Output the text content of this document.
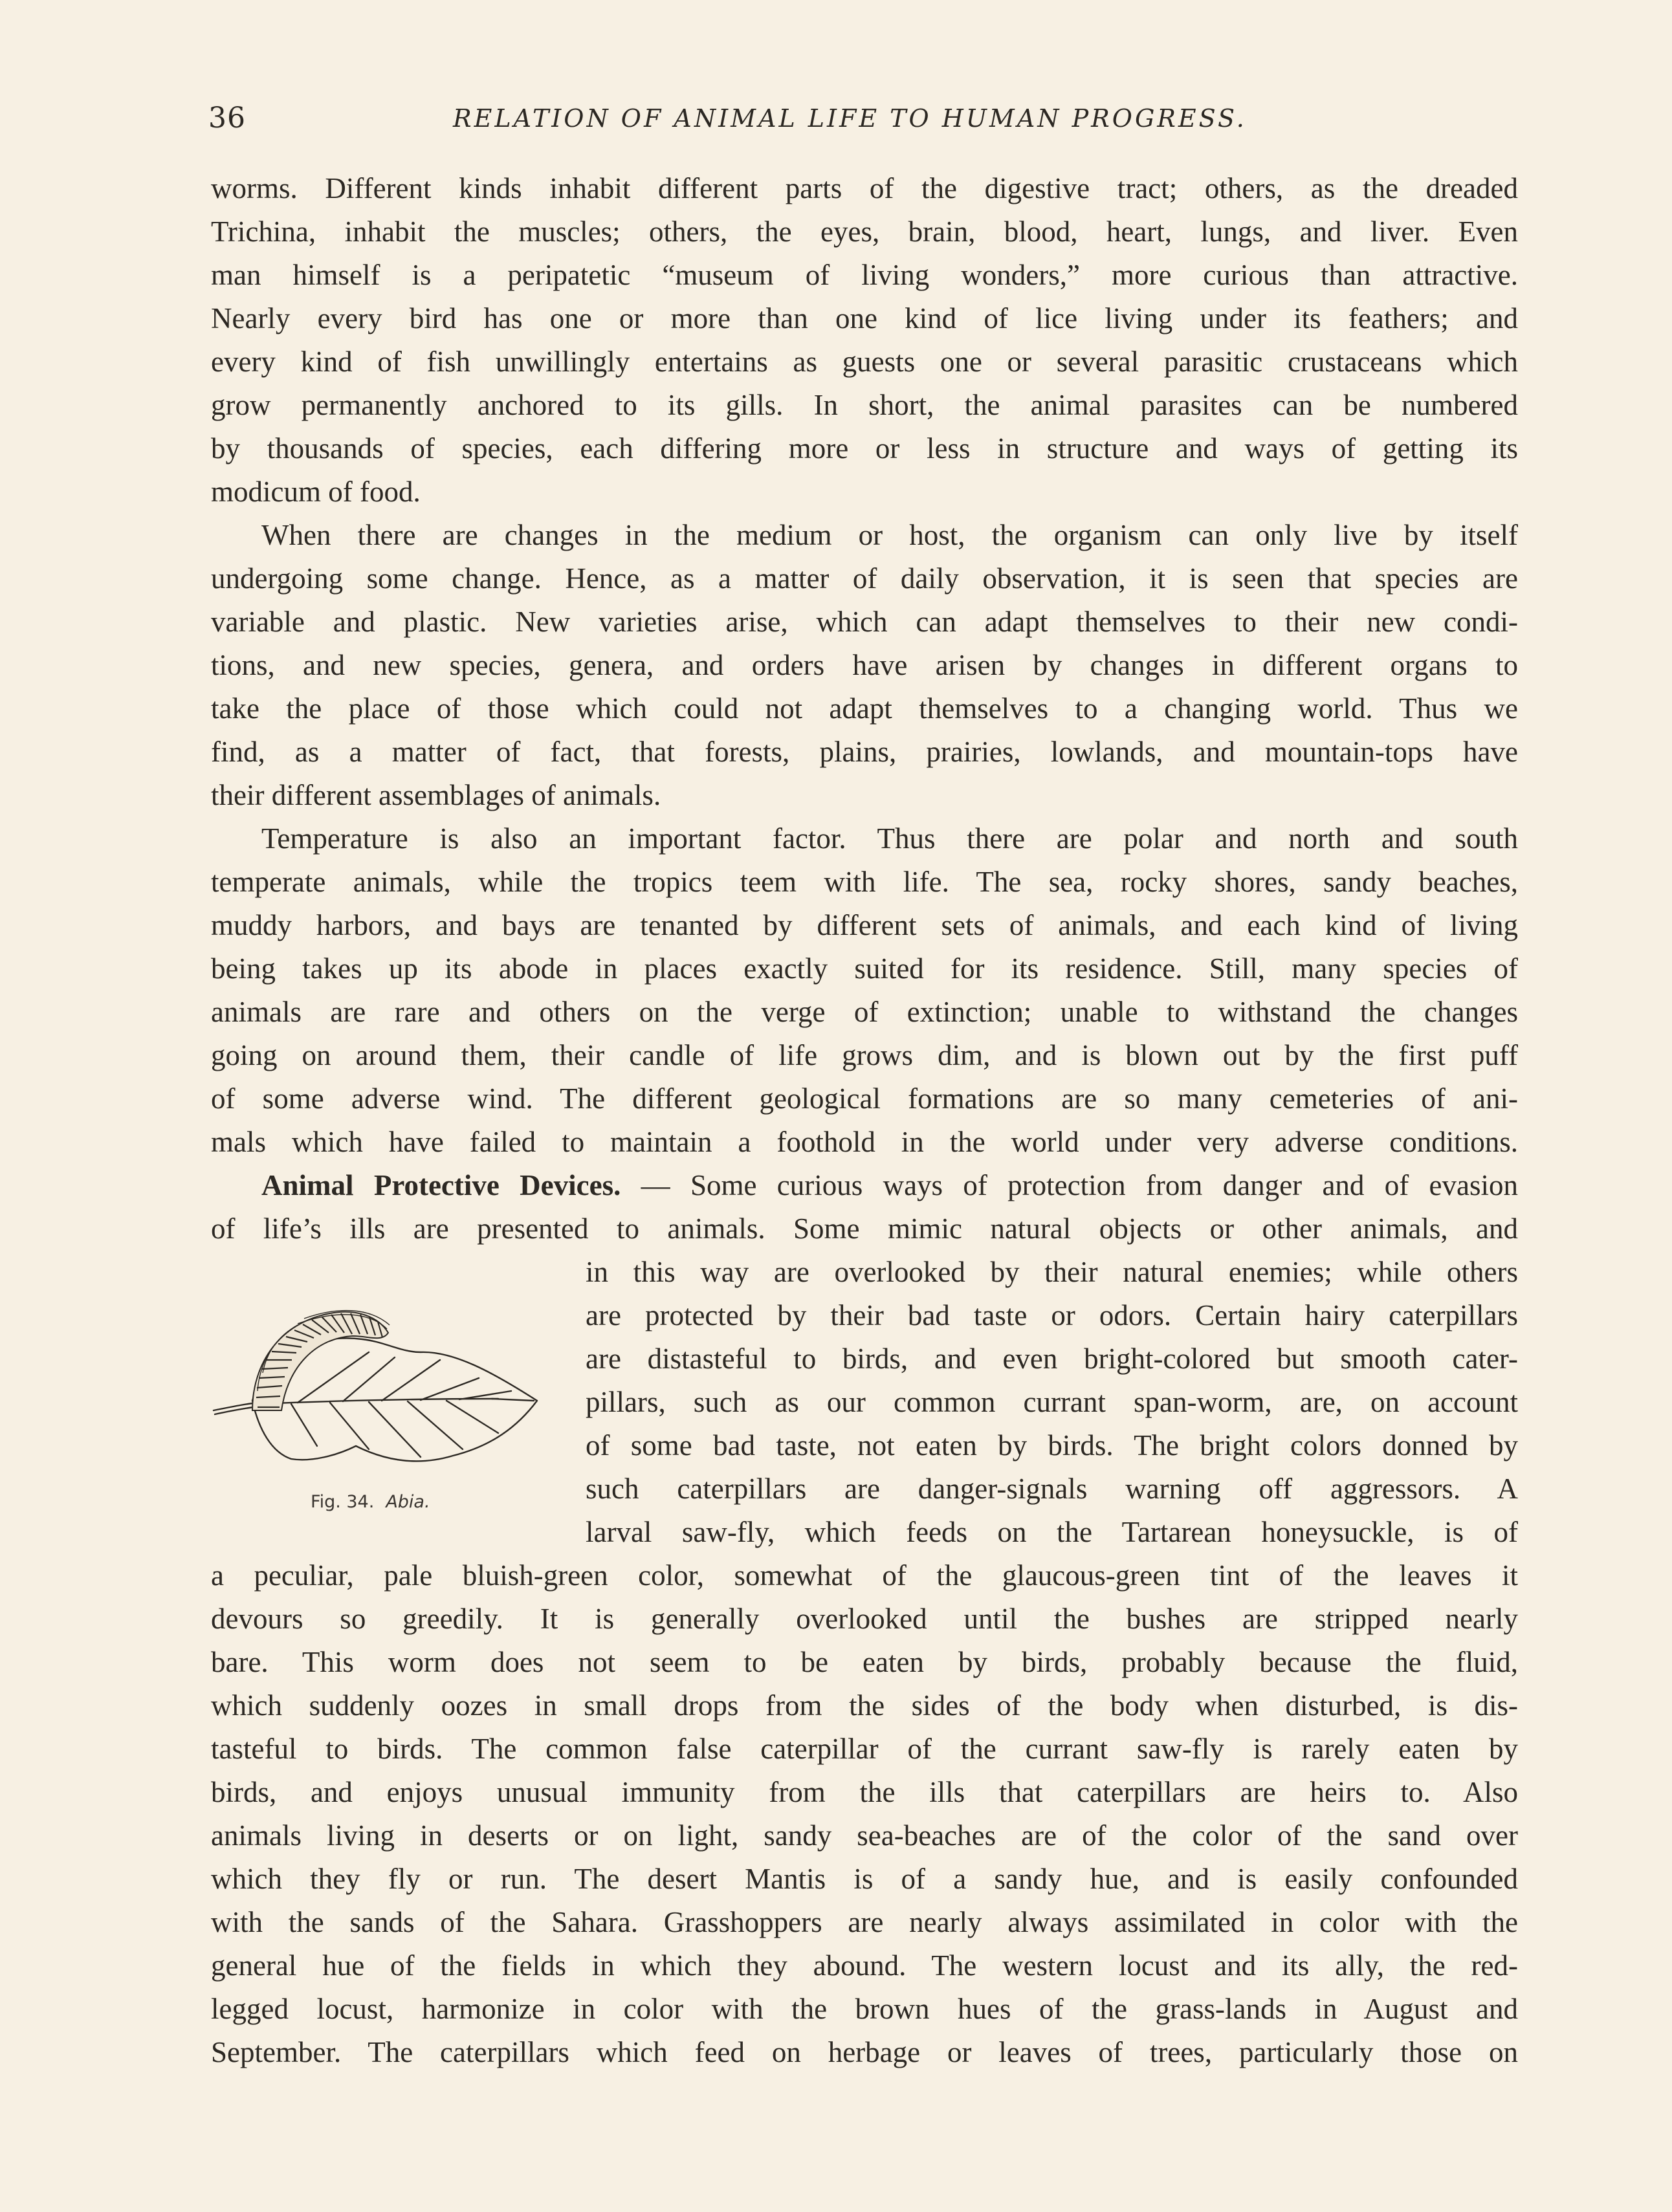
36	RELATION OF ANIMAL LIFE TO HUMAN PROGRESS.
worms. Different kinds inhabit different parts of the digestive tract; others, as the dreaded
Trichina, inhabit the muscles; others, the eyes, brain, blood, heart, lungs, and liver. Even
man himself is a peripatetic “museum of living wonders,” more curious than attractive.
Nearly every bird has one or more than one kind of lice living under its feathers; and
every kind of fish unwillingly entertains as guests one or several parasitic crustaceans which
grow permanently anchored to its gills. In short, the animal parasites can be numbered
by thousands of species, each differing more or less in structure and ways of getting its
modicum of food.
When there are changes in the medium or host, the organism can only live by itself
undergoing some change. Hence, as a matter of daily observation, it is seen that species are
variable and plastic. New varieties arise, which can adapt themselves to their new condi-
tions, and new species, genera, and orders have arisen by changes in different organs to
take the place of those which could not adapt themselves to a changing world. Thus we
find, as a matter of fact, that forests, plains, prairies, lowlands, and mountain-tops have
their different assemblages of animals.
Temperature is also an important factor. Thus there are polar and north and south
temperate animals, while the tropics teem with life. The sea, rocky shores, sandy beaches,
muddy harbors, and bays are tenanted by different sets of animals, and each kind of living
being takes up its abode in places exactly suited for its residence. Still, many species of
animals are rare and others on the verge of extinction; unable to withstand the changes
going on around them, their candle of life grows dim, and is blown out by the first puff
of some adverse wind. The different geological formations are so many cemeteries of ani-
mals which have failed to maintain a foothold in the world under very adverse conditions.
Animal Protective Devices. — Some curious ways of protection from danger and of evasion
of life’s ills are presented to animals. Some mimic natural objects or other animals, and
in this way are overlooked by their natural enemies; while others
are protected by their bad taste or odors. Certain hairy caterpillars
are distasteful to birds, and even bright-colored but smooth cater-
pillars, such as our common currant span-worm, are, on account
of some bad taste, not eaten by birds. The bright colors donned by
such caterpillars are danger-signals warning off aggressors. A
larval saw-fly, which feeds on the Tartarean honeysuckle, is of
a peculiar, pale bluish-green color, somewhat of the glaucous-green tint of the leaves it
devours so greedily. It is generally overlooked until the bushes are stripped nearly
bare. This worm does not seem to be eaten by birds, probably because the fluid,
which suddenly oozes in small drops from the sides of the body when disturbed, is dis-
tasteful to birds. The common false caterpillar of the currant saw-fly is rarely eaten by
birds, and enjoys unusual immunity from the ills that caterpillars are heirs to. Also
animals living in deserts or on light, sandy sea-beaches are of the color of the sand over
which they fly or run. The desert Mantis is of a sandy hue, and is easily confounded
with the sands of the Sahara. Grasshoppers are nearly always assimilated in color with the
general hue of the fields in which they abound. The western locust and its ally, the red-
legged locust, harmonize in color with the brown hues of the grass-lands in August and
September. The caterpillars which feed on herbage or leaves of trees, particularly those on
Fig. 34. Abia.
